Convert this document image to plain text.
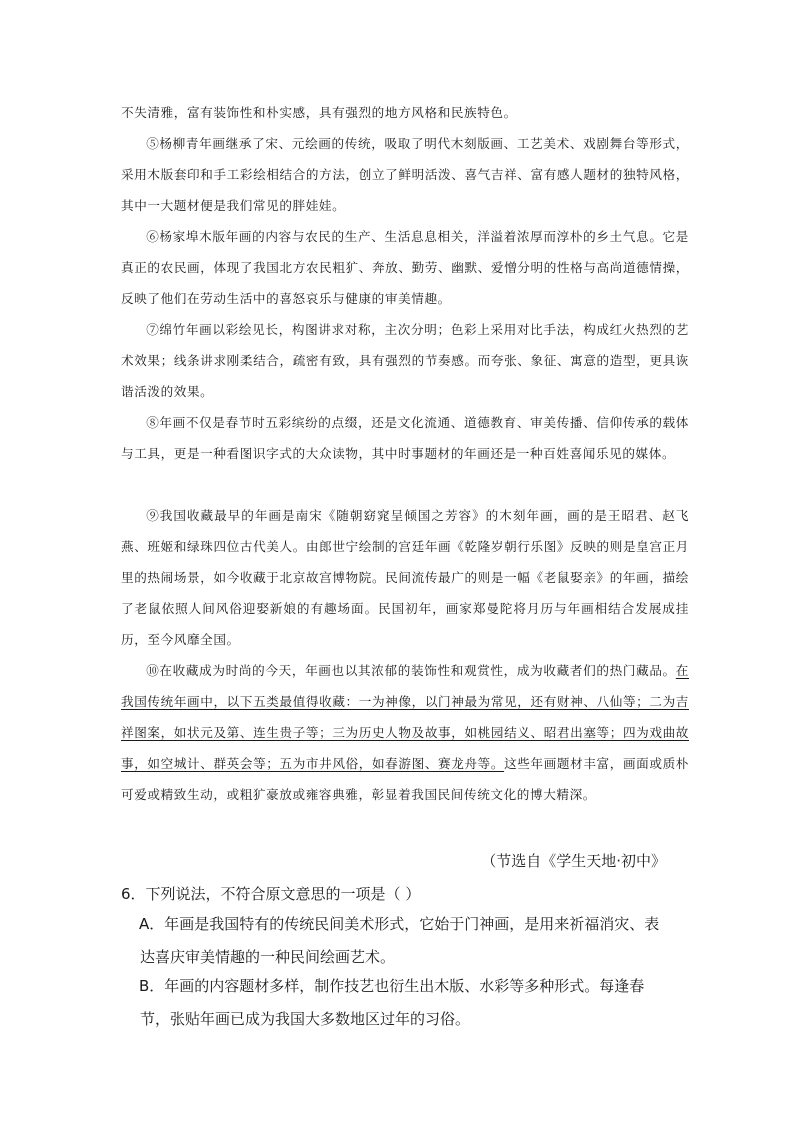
不失清雅，富有装饰性和朴实感，具有强烈的地方风格和民族特色。

⑤杨柳青年画继承了宋、元绘画的传统，吸取了明代木刻版画、工艺美术、戏剧舞台等形式，采用木版套印和手工彩绘相结合的方法，创立了鲜明活泼、喜气吉祥、富有感人题材的独特风格，其中一大题材便是我们常见的胖娃娃。

⑥杨家埠木版年画的内容与农民的生产、生活息息相关，洋溢着浓厚而淳朴的乡土气息。它是真正的农民画，体现了我国北方农民粗犷、奔放、勤劳、幽默、爱憎分明的性格与高尚道德情操，反映了他们在劳动生活中的喜怒哀乐与健康的审美情趣。

⑦绵竹年画以彩绘见长，构图讲求对称，主次分明；色彩上采用对比手法，构成红火热烈的艺术效果；线条讲求刚柔结合，疏密有致，具有强烈的节奏感。而夸张、象征、寓意的造型，更具诙谐活泼的效果。

⑧年画不仅是春节时五彩缤纷的点缀，还是文化流通、道德教育、审美传播、信仰传承的载体与工具，更是一种看图识字式的大众读物，其中时事题材的年画还是一种百姓喜闻乐见的媒体。

⑨我国收藏最早的年画是南宋《随朝窈窕呈倾国之芳容》的木刻年画，画的是王昭君、赵飞燕、班姬和绿珠四位古代美人。由郎世宁绘制的宫廷年画《乾隆岁朝行乐图》反映的则是皇宫正月里的热闹场景，如今收藏于北京故宫博物院。民间流传最广的则是一幅《老鼠娶亲》的年画，描绘了老鼠依照人间风俗迎娶新娘的有趣场面。民国初年，画家郑曼陀将月历与年画相结合发展成挂历，至今风靡全国。

⑩在收藏成为时尚的今天，年画也以其浓郁的装饰性和观赏性，成为收藏者们的热门藏品。在我国传统年画中，以下五类最值得收藏：一为神像，以门神最为常见，还有财神、八仙等；二为吉祥图案，如状元及第、连生贵子等；三为历史人物及故事，如桃园结义、昭君出塞等；四为戏曲故事，如空城计、群英会等；五为市井风俗，如春游图、赛龙舟等。这些年画题材丰富，画面或质朴可爱或精致生动，或粗犷豪放或雍容典雅，彰显着我国民间传统文化的博大精深。

（节选自《学生天地·初中》

6．下列说法，不符合原文意思的一项是（ ）

A．年画是我国特有的传统民间美术形式，它始于门神画，是用来祈福消灾、表达喜庆审美情趣的一种民间绘画艺术。

B．年画的内容题材多样，制作技艺也衍生出木版、水彩等多种形式。每逢春节，张贴年画已成为我国大多数地区过年的习俗。
